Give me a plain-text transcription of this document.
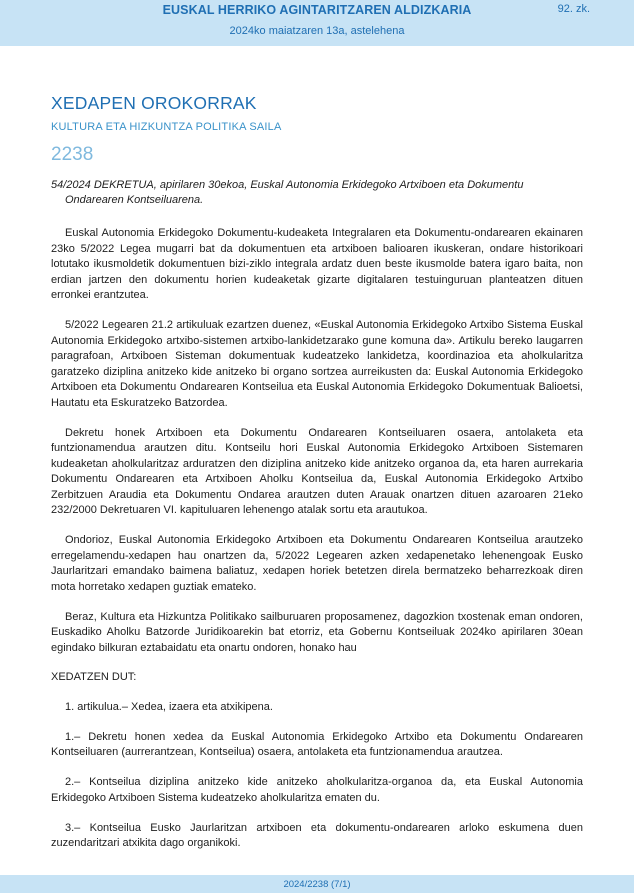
EUSKAL HERRIKO AGINTARITZAREN ALDIZKARIA	92. zk.
2024ko maiatzaren 13a, astelehena
XEDAPEN OROKORRAK
KULTURA ETA HIZKUNTZA POLITIKA SAILA
2238
54/2024 DEKRETUA, apirilaren 30ekoa, Euskal Autonomia Erkidegoko Artxiboen eta Dokumentu
Ondarearen Kontseiluarena.

Euskal Autonomia Erkidegoko Dokumentu-kudeaketa Integralaren eta Dokumentu-ondarearen ekainaren 23ko 5/2022 Legea mugarri bat da dokumentuen eta artxiboen balioaren ikuskeran, ondare historikoari lotutako ikusmoldetik dokumentuen bizi-ziklo integrala ardatz duen beste ikusmolde batera igaro baita, non erdian jartzen den dokumentu horien kudeaketak gizarte digitalaren testuinguruan planteatzen dituen erronkei erantzutea.

5/2022 Legearen 21.2 artikuluak ezartzen duenez, «Euskal Autonomia Erkidegoko Artxibo Sistema Euskal Autonomia Erkidegoko artxibo-sistemen artxibo-lankidetzarako gune komuna da». Artikulu bereko laugarren paragrafoan, Artxiboen Sisteman dokumentuak kudeatzeko lankidetza, koordinazioa eta aholkularitza garatzeko diziplina anitzeko kide anitzeko bi organo sortzea aurreikusten da: Euskal Autonomia Erkidegoko Artxiboen eta Dokumentu Ondarearen Kontseilua eta Euskal Autonomia Erkidegoko Dokumentuak Balioetsi, Hautatu eta Eskuratzeko Batzordea.

Dekretu honek Artxiboen eta Dokumentu Ondarearen Kontseiluaren osaera, antolaketa eta funtzionamendua arautzen ditu. Kontseilu hori Euskal Autonomia Erkidegoko Artxiboen Sistemaren kudeaketan aholkularitzaz arduratzen den diziplina anitzeko kide anitzeko organoa da, eta haren aurrekaria Dokumentu Ondarearen eta Artxiboen Aholku Kontseilua da, Euskal Autonomia Erkidegoko Artxibo Zerbitzuen Araudia eta Dokumentu Ondarea arautzen duten Arauak onartzen dituen azaroaren 21eko 232/2000 Dekretuaren VI. kapituluaren lehenengo atalak sortu eta arautukoa.

Ondorioz, Euskal Autonomia Erkidegoko Artxiboen eta Dokumentu Ondarearen Kontseilua arautzeko erregelamendu-xedapen hau onartzen da, 5/2022 Legearen azken xedapenetako lehenengoak Eusko Jaurlaritzari emandako baimena baliatuz, xedapen horiek betetzen direla bermatzeko beharrezkoak diren mota horretako xedapen guztiak emateko.

Beraz, Kultura eta Hizkuntza Politikako sailburuaren proposamenez, dagozkion txostenak eman ondoren, Euskadiko Aholku Batzorde Juridikoarekin bat etorriz, eta Gobernu Kontseiluak 2024ko apirilaren 30ean egindako bilkuran eztabaidatu eta onartu ondoren, honako hau

XEDATZEN DUT:

1. artikulua.– Xedea, izaera eta atxikipena.

1.– Dekretu honen xedea da Euskal Autonomia Erkidegoko Artxibo eta Dokumentu Ondarearen Kontseiluaren (aurrerantzean, Kontseilua) osaera, antolaketa eta funtzionamendua arautzea.

2.– Kontseilua diziplina anitzeko kide anitzeko aholkularitza-organoa da, eta Euskal Autonomia Erkidegoko Artxiboen Sistema kudeatzeko aholkularitza ematen du.

3.– Kontseilua Eusko Jaurlaritzan artxiboen eta dokumentu-ondarearen arloko eskumena duen zuzendaritzari atxikita dago organikoki.

2024/2238 (7/1)
